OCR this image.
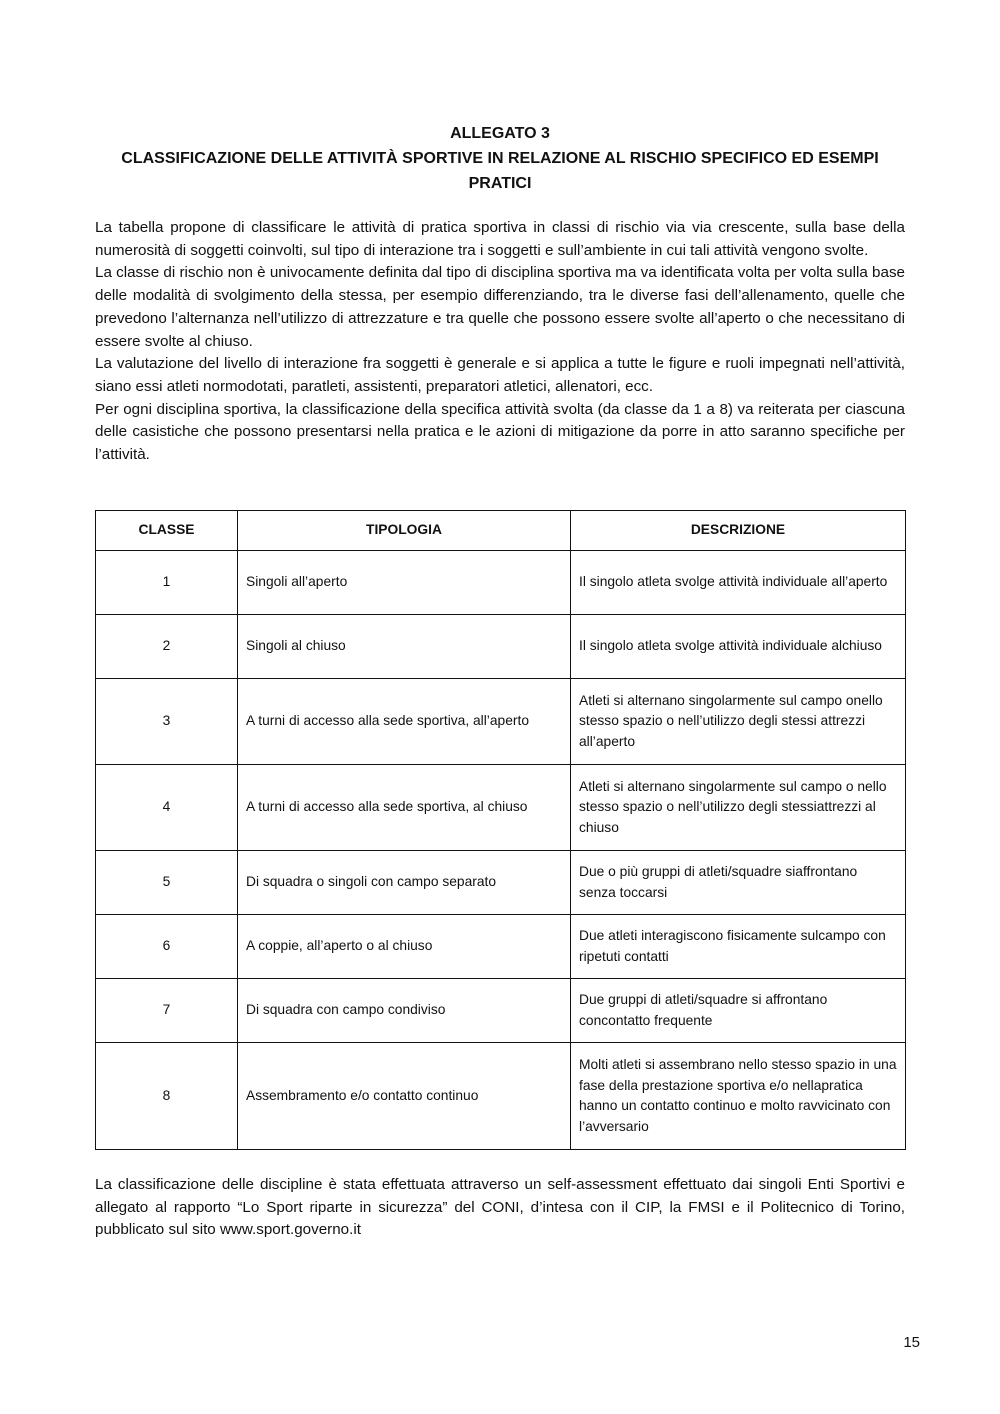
ALLEGATO 3
CLASSIFICAZIONE DELLE ATTIVITÀ SPORTIVE IN RELAZIONE AL RISCHIO SPECIFICO ED ESEMPI
PRATICI

La tabella propone di classificare le attività di pratica sportiva in classi di rischio via via crescente, sulla base della numerosità di soggetti coinvolti, sul tipo di interazione tra i soggetti e sull’ambiente in cui tali attività vengono svolte.

La classe di rischio non è univocamente definita dal tipo di disciplina sportiva ma va identificata volta per volta sulla base delle modalità di svolgimento della stessa, per esempio differenziando, tra le diverse fasi dell’allenamento, quelle che prevedono l’alternanza nell’utilizzo di attrezzature e tra quelle che possono essere svolte all’aperto o che necessitano di essere svolte al chiuso.

La valutazione del livello di interazione fra soggetti è generale e si applica a tutte le figure e ruoli impegnati nell’attività, siano essi atleti normodotati, paratleti, assistenti, preparatori atletici, allenatori, ecc.

Per ogni disciplina sportiva, la classificazione della specifica attività svolta (da classe da 1 a 8) va reiterata per ciascuna delle casistiche che possono presentarsi nella pratica e le azioni di mitigazione da porre in atto saranno specifiche per l’attività.

CLASSE	TIPOLOGIA	DESCRIZIONE
1	Singoli all’aperto	Il singolo atleta svolge attività individuale all’aperto
2	Singoli al chiuso	Il singolo atleta svolge attività individuale alchiuso
3	A turni di accesso alla sede sportiva, all’aperto	Atleti si alternano singolarmente sul campo onello stesso spazio o nell’utilizzo degli stessi attrezzi all’aperto
4	A turni di accesso alla sede sportiva, al chiuso	Atleti si alternano singolarmente sul campo o nello stesso spazio o nell’utilizzo degli stessiattrezzi al chiuso
5	Di squadra o singoli con campo separato	Due o più gruppi di atleti/squadre siaffrontano senza toccarsi
6	A coppie, all’aperto o al chiuso	Due atleti interagiscono fisicamente sulcampo con ripetuti contatti
7	Di squadra con campo condiviso	Due gruppi di atleti/squadre si affrontano concontatto frequente
8	Assembramento e/o contatto continuo	Molti atleti si assembrano nello stesso spazio in una fase della prestazione sportiva e/o nellapratica hanno un contatto continuo e molto ravvicinato con l’avversario
La classificazione delle discipline è stata effettuata attraverso un self-assessment effettuato dai singoli Enti Sportivi e allegato al rapporto “Lo Sport riparte in sicurezza” del CONI, d’intesa con il CIP, la FMSI e il Politecnico di Torino, pubblicato sul sito www.sport.governo.it
15
